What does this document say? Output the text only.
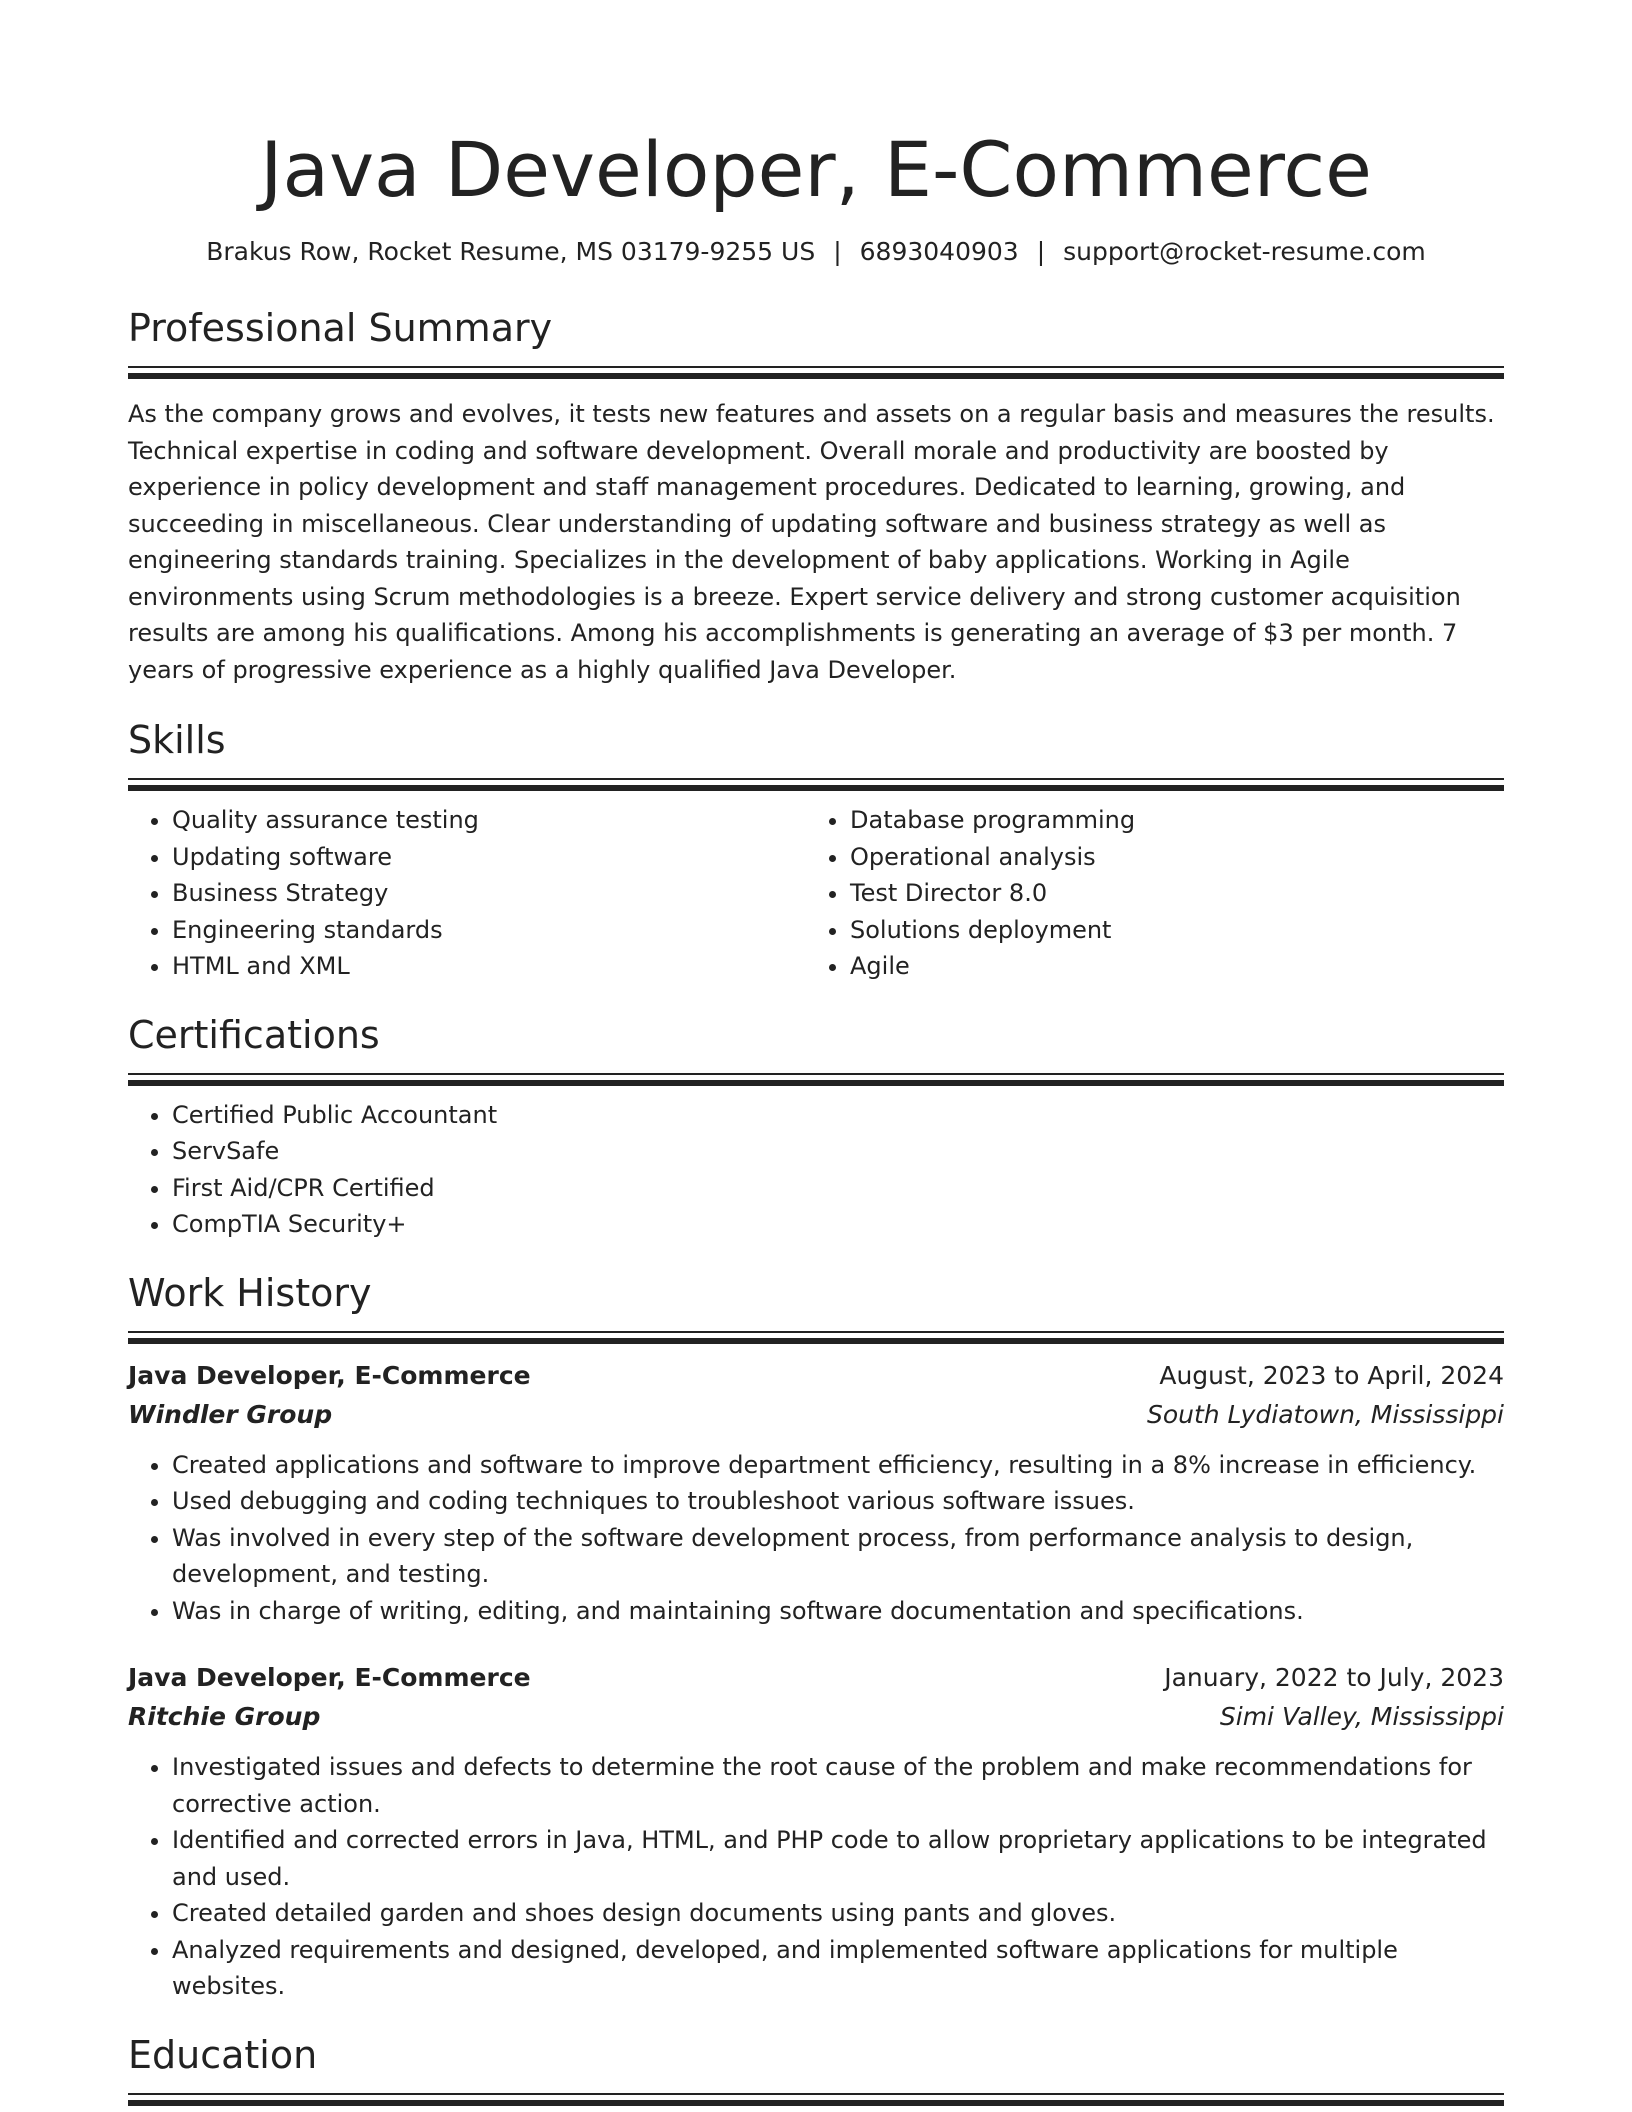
Java Developer, E-Commerce
Brakus Row, Rocket Resume, MS 03179-9255 US | 6893040903 | support@rocket-resume.com
Professional Summary
As the company grows and evolves, it tests new features and assets on a regular basis and measures the results. Technical expertise in coding and software development. Overall morale and productivity are boosted by experience in policy development and staff management procedures. Dedicated to learning, growing, and succeeding in miscellaneous. Clear understanding of updating software and business strategy as well as engineering standards training. Specializes in the development of baby applications. Working in Agile environments using Scrum methodologies is a breeze. Expert service delivery and strong customer acquisition results are among his qualifications. Among his accomplishments is generating an average of $3 per month. 7 years of progressive experience as a highly qualified Java Developer.
Skills
• Quality assurance testing
• Updating software
• Business Strategy
• Engineering standards
• HTML and XML
• Database programming
• Operational analysis
• Test Director 8.0
• Solutions deployment
• Agile
Certifications
• Certified Public Accountant
• ServSafe
• First Aid/CPR Certified
• CompTIA Security+
Work History
Java Developer, E-Commerce	August, 2023 to April, 2024
Windler Group	South Lydiatown, Mississippi
• Created applications and software to improve department efficiency, resulting in a 8% increase in efficiency.
• Used debugging and coding techniques to troubleshoot various software issues.
• Was involved in every step of the software development process, from performance analysis to design, development, and testing.
• Was in charge of writing, editing, and maintaining software documentation and specifications.
Java Developer, E-Commerce	January, 2022 to July, 2023
Ritchie Group	Simi Valley, Mississippi
• Investigated issues and defects to determine the root cause of the problem and make recommendations for corrective action.
• Identified and corrected errors in Java, HTML, and PHP code to allow proprietary applications to be integrated and used.
• Created detailed garden and shoes design documents using pants and gloves.
• Analyzed requirements and designed, developed, and implemented software applications for multiple websites.
Education
